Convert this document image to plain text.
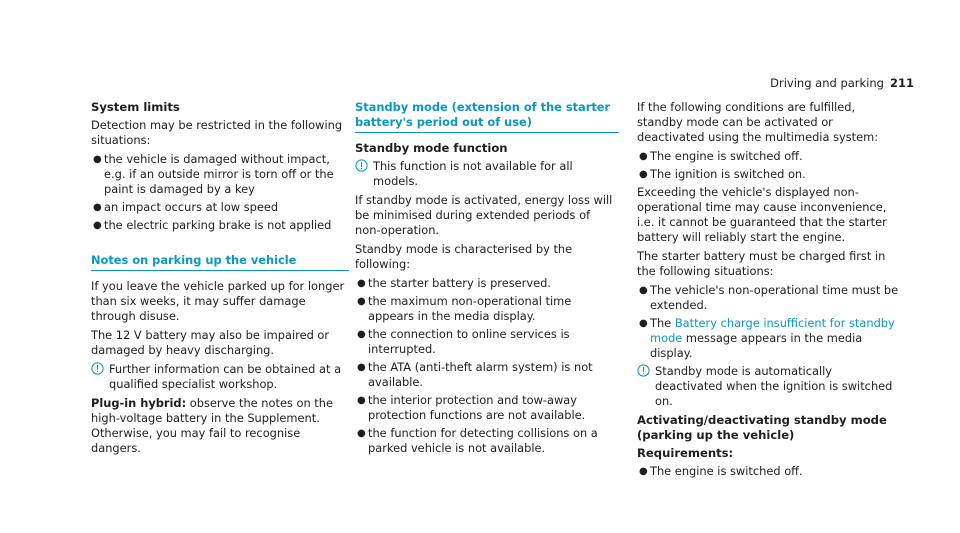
Driving and parking 211
System limits

Detection may be restricted in the following situations:

● the vehicle is damaged without impact, e.g. if an outside mirror is torn off or the paint is damaged by a key
● an impact occurs at low speed
● the electric parking brake is not applied
Notes on parking up the vehicle

If you leave the vehicle parked up for longer than six weeks, it may suffer damage through disuse.

The 12 V battery may also be impaired or damaged by heavy discharging.

Further information can be obtained at a qualified specialist workshop.

Plug-in hybrid: observe the notes on the high-voltage battery in the Supplement. Otherwise, you may fail to recognise dangers.

Standby mode (extension of the starter battery's period out of use)
Standby mode function
This function is not available for all models.

If standby mode is activated, energy loss will be minimised during extended periods of non-operation.

Standby mode is characterised by the following:

● the starter battery is preserved.
● the maximum non-operational time appears in the media display.
● the connection to online services is interrupted.
● the ATA (anti-theft alarm system) is not available.
● the interior protection and tow-away protection functions are not available.
● the function for detecting collisions on a parked vehicle is not available.

If the following conditions are fulfilled, standby mode can be activated or deactivated using the multimedia system:

● The engine is switched off.
● The ignition is switched on.

Exceeding the vehicle's displayed non-operational time may cause inconvenience, i.e. it cannot be guaranteed that the starter battery will reliably start the engine.

The starter battery must be charged first in the following situations:

● The vehicle's non-operational time must be extended.
● The Battery charge insufficient for standby mode message appears in the media display.
Standby mode is automatically deactivated when the ignition is switched on.
Activating/deactivating standby mode (parking up the vehicle)
Requirements:
● The engine is switched off.
